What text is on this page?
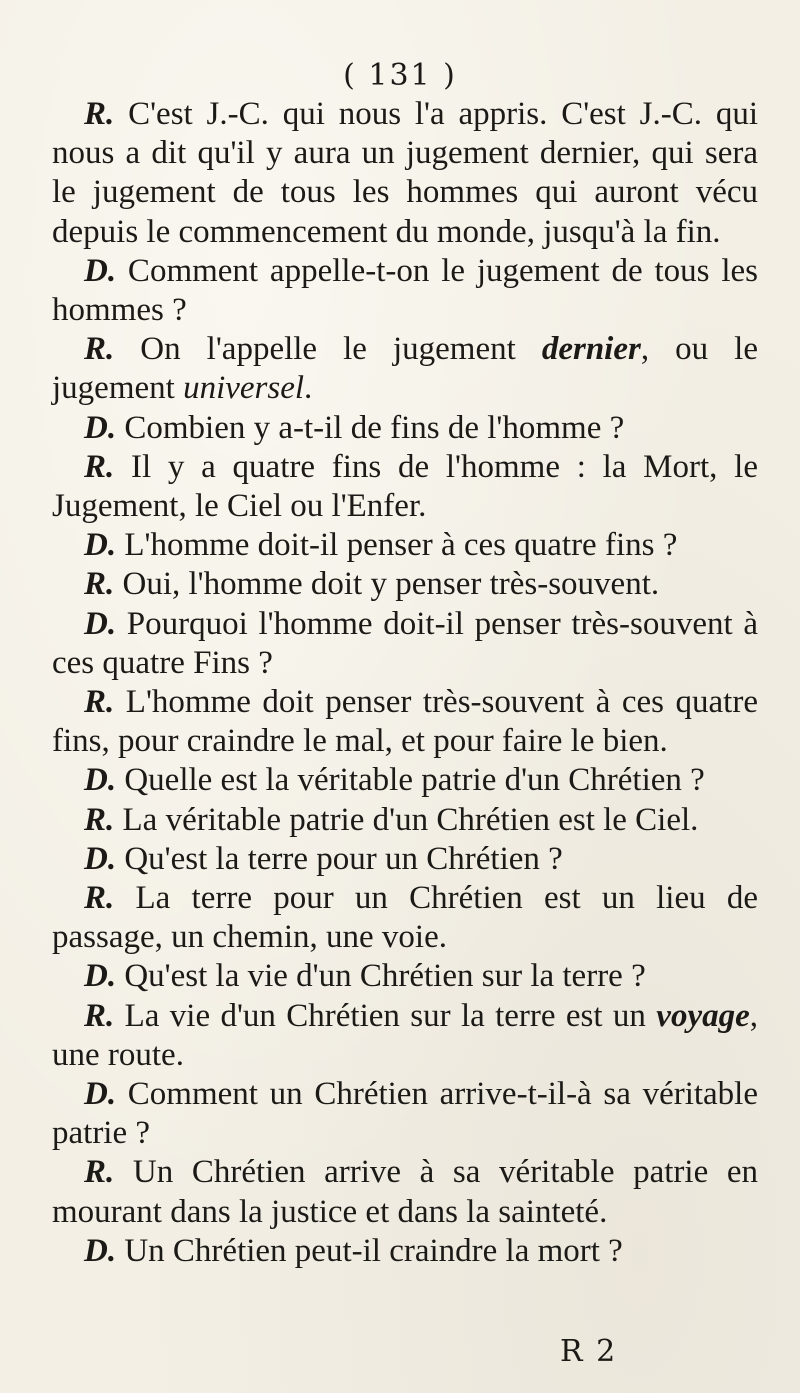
( 131 )

R. C'est J.-C. qui nous l'a appris. C'est J.-C. qui nous a dit qu'il y aura un jugement dernier, qui sera le jugement de tous les hommes qui auront vécu depuis le commencement du monde, jusqu'à la fin.

D. Comment appelle-t-on le jugement de tous les hommes ?

R. On l'appelle le jugement dernier, ou le jugement universel.

D. Combien y a-t-il de fins de l'homme ?

R. Il y a quatre fins de l'homme : la Mort, le Jugement, le Ciel ou l'Enfer.

D. L'homme doit-il penser à ces quatre fins ?

R. Oui, l'homme doit y penser très-souvent.

D. Pourquoi l'homme doit-il penser très-souvent à ces quatre Fins ?

R. L'homme doit penser très-souvent à ces quatre fins, pour craindre le mal, et pour faire le bien.

D. Quelle est la véritable patrie d'un Chrétien ?

R. La véritable patrie d'un Chrétien est le Ciel.

D. Qu'est la terre pour un Chrétien ?

R. La terre pour un Chrétien est un lieu de passage, un chemin, une voie.

D. Qu'est la vie d'un Chrétien sur la terre ?

R. La vie d'un Chrétien sur la terre est un voyage, une route.

D. Comment un Chrétien arrive-t-il-à sa véritable patrie ?

R. Un Chrétien arrive à sa véritable patrie en mourant dans la justice et dans la sainteté.

D. Un Chrétien peut-il craindre la mort ?

R 2
